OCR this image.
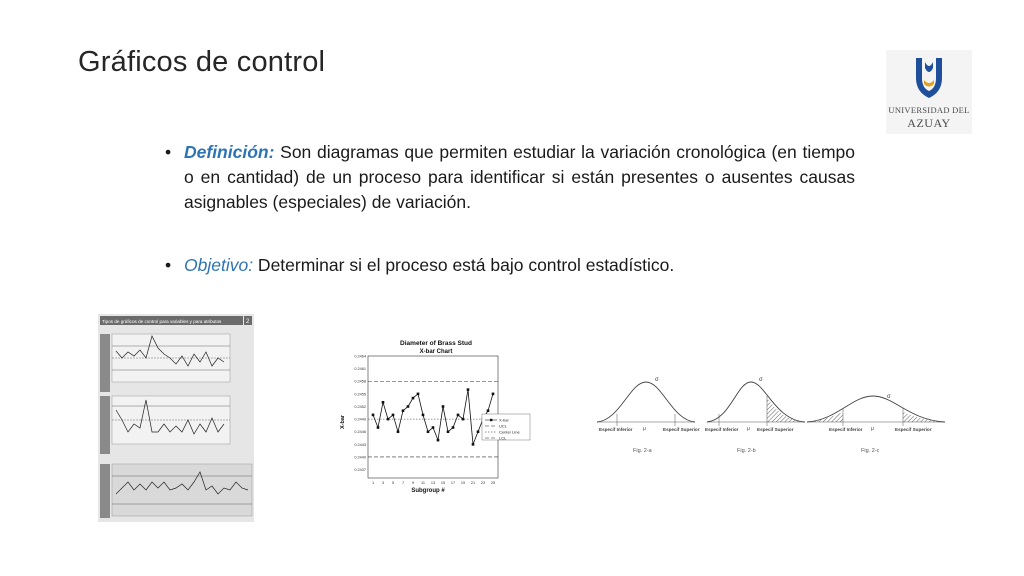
Gráficos de control
UNIVERSIDAD DEL
AZUAY
• Definición: Son diagramas que permiten estudiar la variación cronológica (en tiempo o en cantidad) de un proceso para identificar si están presentes o ausentes causas asignables (especiales) de variación.
• Objetivo: Determinar si el proceso está bajo control estadístico.
Tipos de gráficos de control para variables y para atributos	2
Diameter of Brass Stud
X-bar Chart
X-bar
Subgroup #
0.2464
0.2461
0.2458
0.2455
0.2452
0.2449
0.2446
0.2443
0.2440
0.2437
1 3 5 7 9 11 13 15 17 19 21 23 25
X-bar
UCL
Center Line
LCL
σ
μ
Especif Inferior	Especif Superior
Fig. 2-a
σ
μ
Especif Inferior	Especif Superior
Fig. 2-b
σ
μ
Especif Inferior	Especif Superior
Fig. 2-c
